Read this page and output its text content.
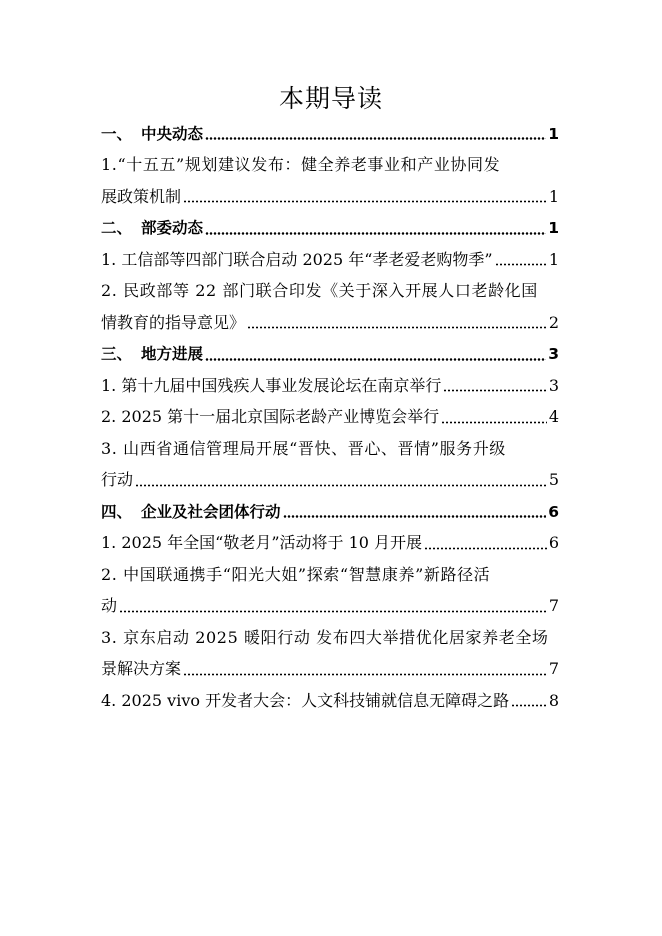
本期导读
一、 中央动态	1
1.“十五五”规划建议发布：健全养老事业和产业协同发
展政策机制	1
二、 部委动态	1
1. 工信部等四部门联合启动 2025 年“孝老爱老购物季”	1
2. 民政部等 22 部门联合印发《关于深入开展人口老龄化国
情教育的指导意见》	2
三、 地方进展	3
1. 第十九届中国残疾人事业发展论坛在南京举行	3
2. 2025 第十一届北京国际老龄产业博览会举行	4
3. 山西省通信管理局开展“晋快、晋心、晋情”服务升级
行动	5
四、 企业及社会团体行动	6
1. 2025 年全国“敬老月”活动将于 10 月开展	6
2. 中国联通携手“阳光大姐”探索“智慧康养”新路径活
动	7
3. 京东启动 2025 暖阳行动 发布四大举措优化居家养老全场
景解决方案	7
4. 2025 vivo 开发者大会：人文科技铺就信息无障碍之路 8
